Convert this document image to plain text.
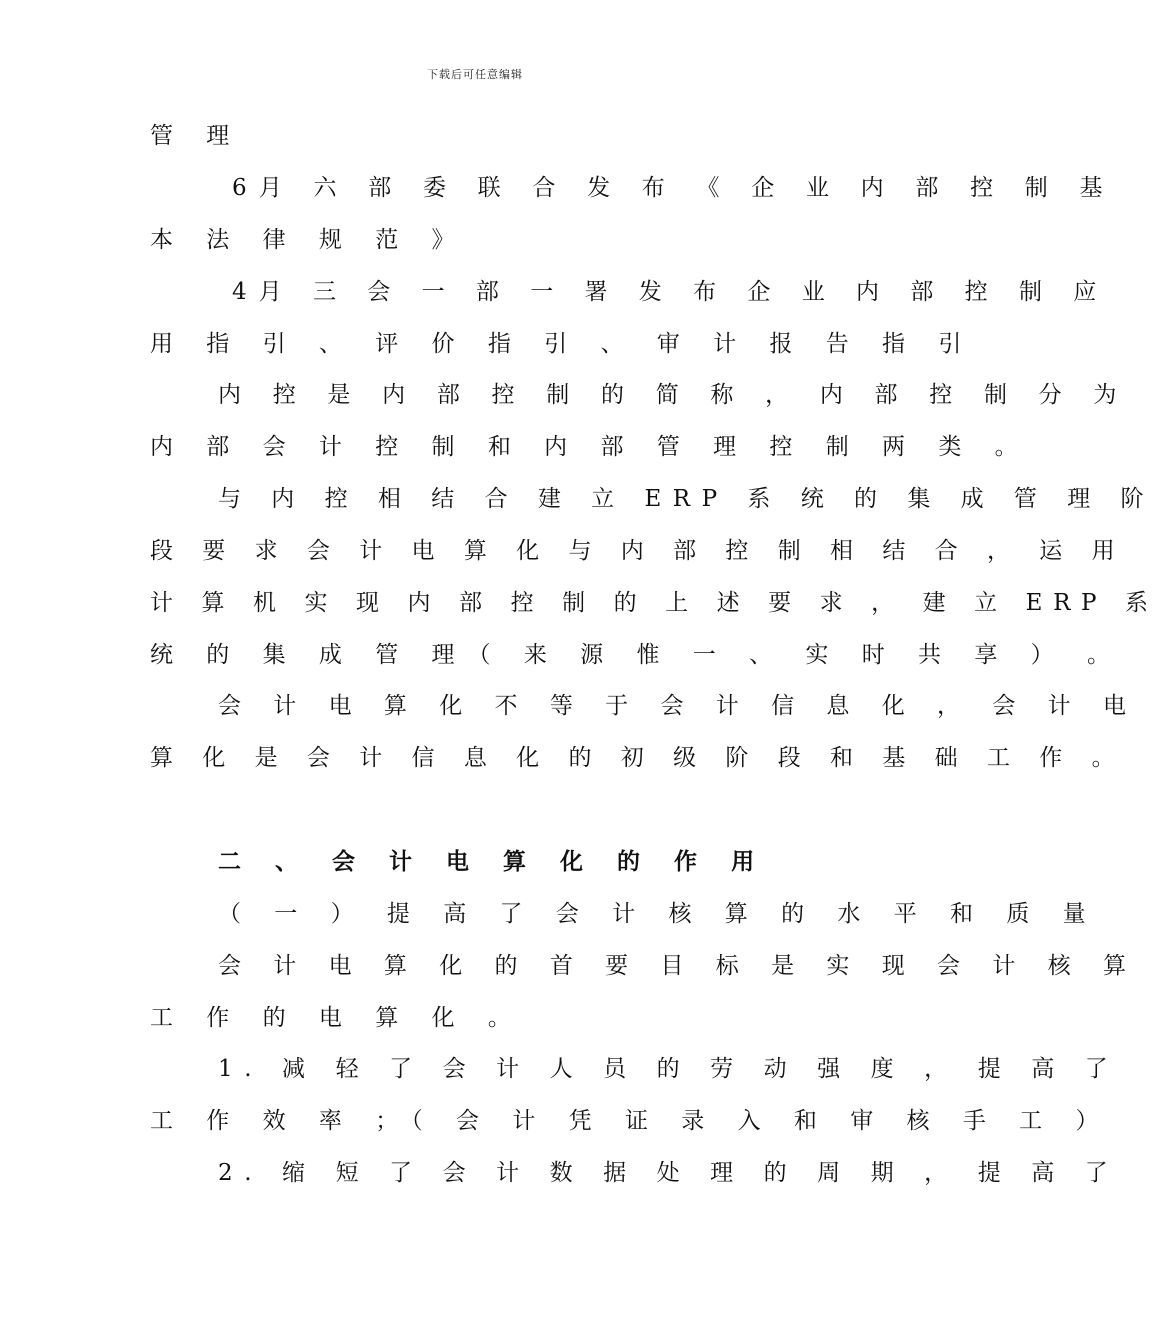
下载后可任意编辑
管 理
6月 六 部 委 联 合 发 布 《 企 业 内 部 控 制 基
本 法 律 规 范 》
4月 三 会 一 部 一 署 发 布 企 业 内 部 控 制 应
用 指 引 、 评 价 指 引 、 审 计 报 告 指 引
内 控 是 内 部 控 制 的 简 称 ， 内 部 控 制 分 为
内 部 会 计 控 制 和 内 部 管 理 控 制 两 类 。
与 内 控 相 结 合 建 立 ERP 系 统 的 集 成 管 理 阶
段 要 求 会 计 电 算 化 与 内 部 控 制 相 结 合 ， 运 用
计 算 机 实 现 内 部 控 制 的 上 述 要 求 ， 建 立 ERP 系
统 的 集 成 管 理（ 来 源 惟 一 、 实 时 共 享 ） 。
会 计 电 算 化 不 等 于 会 计 信 息 化 ， 会 计 电
算 化 是 会 计 信 息 化 的 初 级 阶 段 和 基 础 工 作 。
二 、 会 计 电 算 化 的 作 用
（ 一 ） 提 高 了 会 计 核 算 的 水 平 和 质 量
会 计 电 算 化 的 首 要 目 标 是 实 现 会 计 核 算
工 作 的 电 算 化 。
1. 减 轻 了 会 计 人 员 的 劳 动 强 度 ， 提 高 了
工 作 效 率 ；（ 会 计 凭 证 录 入 和 审 核 手 工 ）
2. 缩 短 了 会 计 数 据 处 理 的 周 期 ， 提 高 了
